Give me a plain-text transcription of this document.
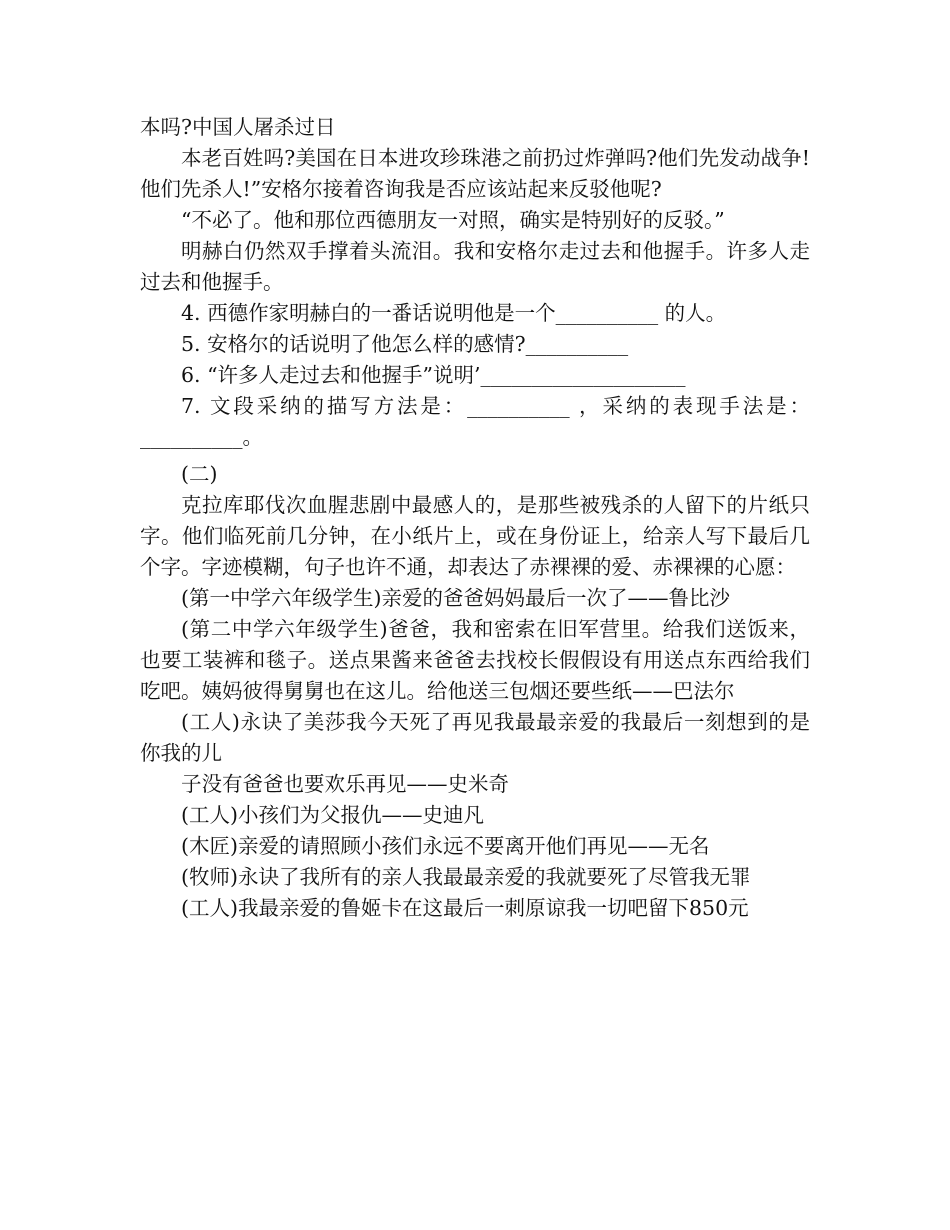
本吗?中国人屠杀过日

本老百姓吗?美国在日本进攻珍珠港之前扔过炸弹吗?他们先发动战争!他们先杀人!”安格尔接着咨询我是否应该站起来反驳他呢?

“不必了。他和那位西德朋友一对照，确实是特别好的反驳。”

明赫白仍然双手撑着头流泪。我和安格尔走过去和他握手。许多人走过去和他握手。

4. 西德作家明赫白的一番话说明他是一个__________ 的人。

5. 安格尔的话说明了他怎么样的感情?__________

6. “许多人走过去和他握手”说明’____________________

7. 文段采纳的描写方法是：__________ ，采纳的表现手法是：__________。

(二)

克拉库耶伐次血腥悲剧中最感人的，是那些被残杀的人留下的片纸只字。他们临死前几分钟，在小纸片上，或在身份证上，给亲人写下最后几个字。字迹模糊，句子也许不通，却表达了赤裸裸的爱、赤裸裸的心愿：

(第一中学六年级学生)亲爱的爸爸妈妈最后一次了——鲁比沙

(第二中学六年级学生)爸爸，我和密索在旧军营里。给我们送饭来，也要工装裤和毯子。送点果酱来爸爸去找校长假假设有用送点东西给我们吃吧。姨妈彼得舅舅也在这儿。给他送三包烟还要些纸——巴法尔

(工人)永诀了美莎我今天死了再见我最最亲爱的我最后一刻想到的是你我的儿

子没有爸爸也要欢乐再见——史米奇

(工人)小孩们为父报仇——史迪凡

(木匠)亲爱的请照顾小孩们永远不要离开他们再见——无名

(牧师)永诀了我所有的亲人我最最亲爱的我就要死了尽管我无罪

(工人)我最亲爱的鲁姬卡在这最后一刺原谅我一切吧留下850元
